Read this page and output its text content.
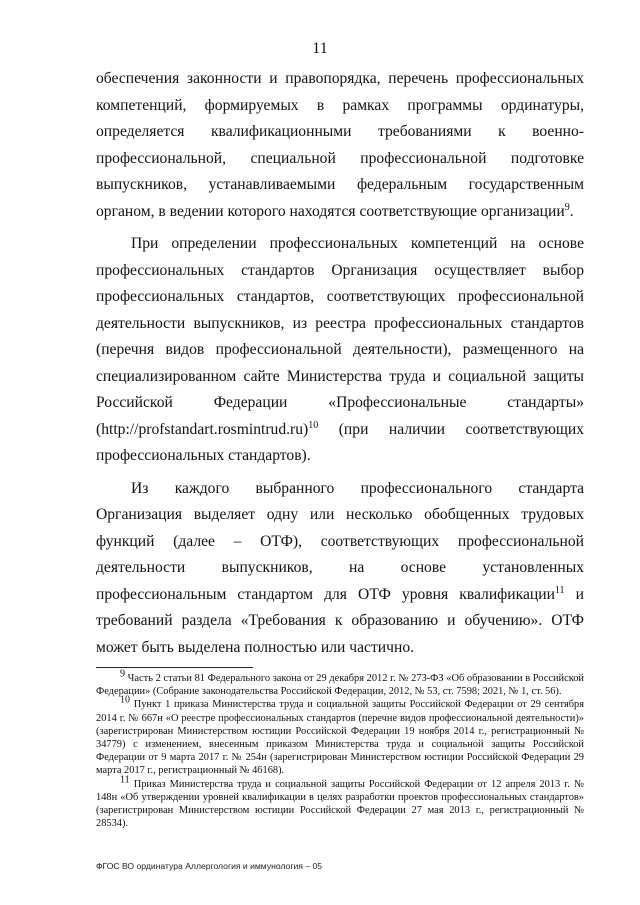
11

обеспечения законности и правопорядка, перечень профессиональных компетенций, формируемых в рамках программы ординатуры, определяется квалификационными требованиями к военно-профессиональной, специальной профессиональной подготовке выпускников, устанавливаемыми федеральным государственным органом, в ведении которого находятся соответствующие организации$^9$.

При определении профессиональных компетенций на основе профессиональных стандартов Организация осуществляет выбор профессиональных стандартов, соответствующих профессиональной деятельности выпускников, из реестра профессиональных стандартов (перечня видов профессиональной деятельности), размещенного на специализированном сайте Министерства труда и социальной защиты Российской Федерации «Профессиональные стандарты» (http://profstandart.rosmintrud.ru)$^{10}$ (при наличии соответствующих профессиональных стандартов).

Из каждого выбранного профессионального стандарта Организация выделяет одну или несколько обобщенных трудовых функций (далее – ОТФ), соответствующих профессиональной деятельности выпускников, на основе установленных профессиональным стандартом для ОТФ уровня квалификации$^{11}$ и требований раздела «Требования к образованию и обучению». ОТФ может быть выделена полностью или частично.

$^9$ Часть 2 статьи 81 Федерального закона от 29 декабря 2012 г. № 273-ФЗ «Об образовании в Российской Федерации» (Собрание законодательства Российской Федерации, 2012, № 53, ст. 7598; 2021, № 1, ст. 56).

$^{10}$ Пункт 1 приказа Министерства труда и социальной защиты Российской Федерации от 29 сентября 2014 г. № 667н «О реестре профессиональных стандартов (перечне видов профессиональной деятельности)» (зарегистрирован Министерством юстиции Российской Федерации 19 ноября 2014 г., регистрационный № 34779) с изменением, внесенным приказом Министерства труда и социальной защиты Российской Федерации от 9 марта 2017 г. № 254н (зарегистрирован Министерством юстиции Российской Федерации 29 марта 2017 г., регистрационный № 46168).

$^{11}$ Приказ Министерства труда и социальной защиты Российской Федерации от 12 апреля 2013 г. № 148н «Об утверждении уровней квалификации в целях разработки проектов профессиональных стандартов» (зарегистрирован Министерством юстиции Российской Федерации 27 мая 2013 г., регистрационный № 28534).

ФГОС ВО ординатура Аллергология и иммунология – 05
